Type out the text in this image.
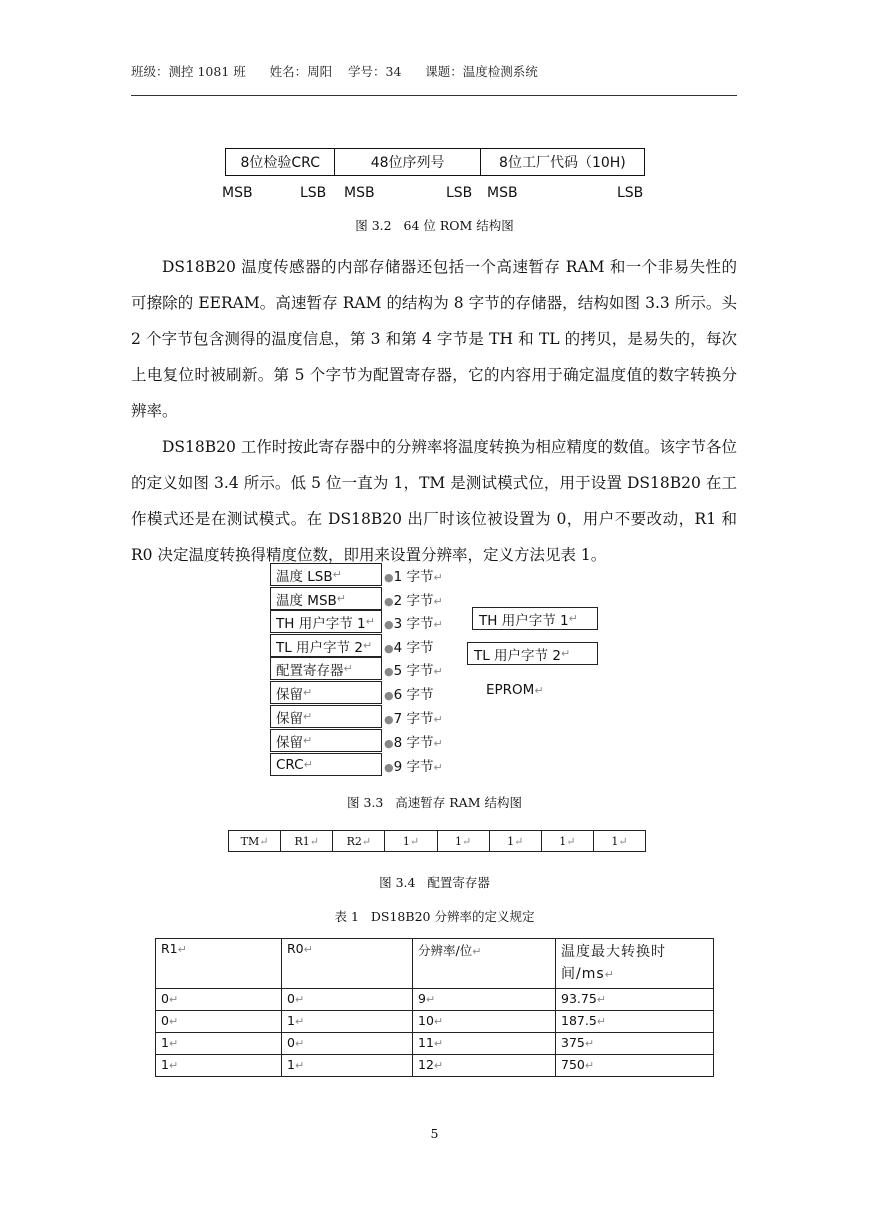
班级：测控 1081 班      姓名：周阳    学号：34      课题：温度检测系统
8位检验CRC	48位序列号	8位工厂代码（10H)
MSB	LSB MSB	LSB MSB	LSB
图 3.2   64 位 ROM 结构图

DS18B20 温度传感器的内部存储器还包括一个高速暂存 RAM 和一个非易失性的可擦除的 EERAM。高速暂存 RAM 的结构为 8 字节的存储器，结构如图 3.3 所示。头 2 个字节包含测得的温度信息，第 3 和第 4 字节是 TH 和 TL 的拷贝，是易失的，每次上电复位时被刷新。第 5 个字节为配置寄存器，它的内容用于确定温度值的数字转换分辨率。

DS18B20 工作时按此寄存器中的分辨率将温度转换为相应精度的数值。该字节各位的定义如图 3.4 所示。低 5 位一直为 1，TM 是测试模式位，用于设置 DS18B20 在工作模式还是在测试模式。在 DS18B20 出厂时该位被设置为 0，用户不要改动，R1 和 R0 决定温度转换得精度位数，即用来设置分辨率，定义方法见表 1。

温度 LSB ↵
温度 MSB ↵
TH 用户字节 1 ↵
TL 用户字节 2 ↵
配置寄存器 ↵
保留 ↵
保留 ↵
保留 ↵
CRC ↵
●1 字节↵
●2 字节↵
●3 字节↵
●4 字节
●5 字节↵
●6 字节
●7 字节↵
●8 字节↵
●9 字节↵
TH 用户字节 1 ↵
TL 用户字节 2 ↵
EPROM↵
图 3.3   高速暂存 RAM 结构图
TM ↵ R1 ↵	R2 ↵	1 ↵	1 ↵	1 ↵	1 ↵	1 ↵
图 3.4   配置寄存器
表 1   DS18B20 分辨率的定义规定
R1↵	R0↵	分辨率/位↵	温度最大转换时间/ms↵
0↵	0↵	9↵	93.75↵
0↵	1↵	10↵	187.5↵
1↵	0↵	11↵	375↵
1↵	1↵	12↵	750↵
5
